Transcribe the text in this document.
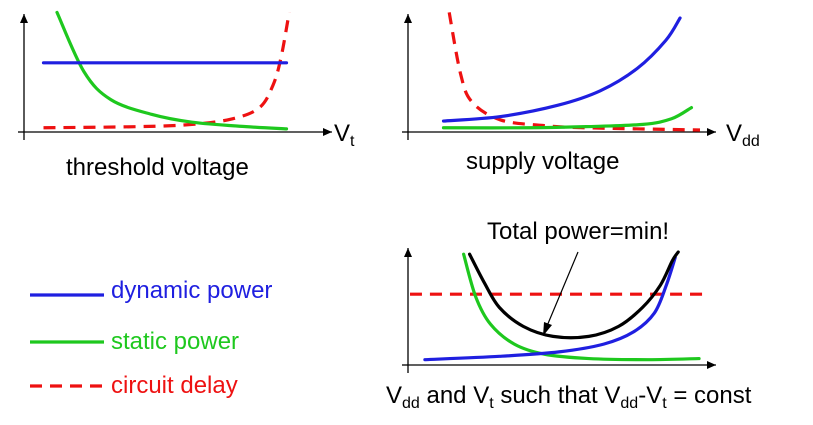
$V_t$
threshold voltage
$V_{dd}$
supply voltage
Total power=min!
$V_{dd}$ and $V_t$ such that $V_{dd}-V_t$ = const
dynamic power
static power
circuit delay
